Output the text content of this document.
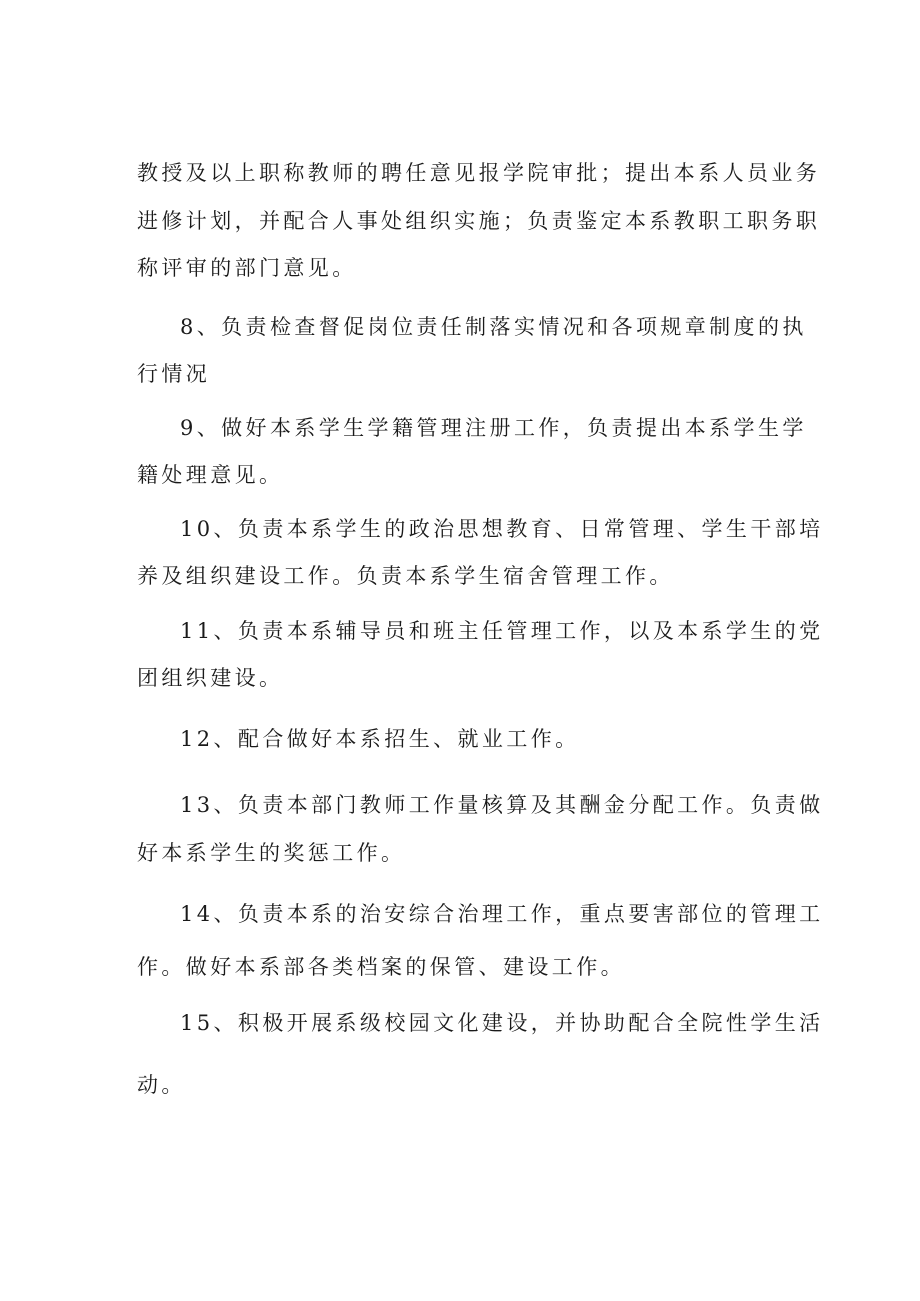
教授及以上职称教师的聘任意见报学院审批；提出本系人员业务
进修计划，并配合人事处组织实施；负责鉴定本系教职工职务职
称评审的部门意见。
8、负责检查督促岗位责任制落实情况和各项规章制度的执
行情况
9、做好本系学生学籍管理注册工作，负责提出本系学生学
籍处理意见。
10、负责本系学生的政治思想教育、日常管理、学生干部培
养及组织建设工作。负责本系学生宿舍管理工作。
11、负责本系辅导员和班主任管理工作，以及本系学生的党
团组织建设。
12、配合做好本系招生、就业工作。
13、负责本部门教师工作量核算及其酬金分配工作。负责做
好本系学生的奖惩工作。
14、负责本系的治安综合治理工作，重点要害部位的管理工
作。做好本系部各类档案的保管、建设工作。
15、积极开展系级校园文化建设，并协助配合全院性学生活
动。
